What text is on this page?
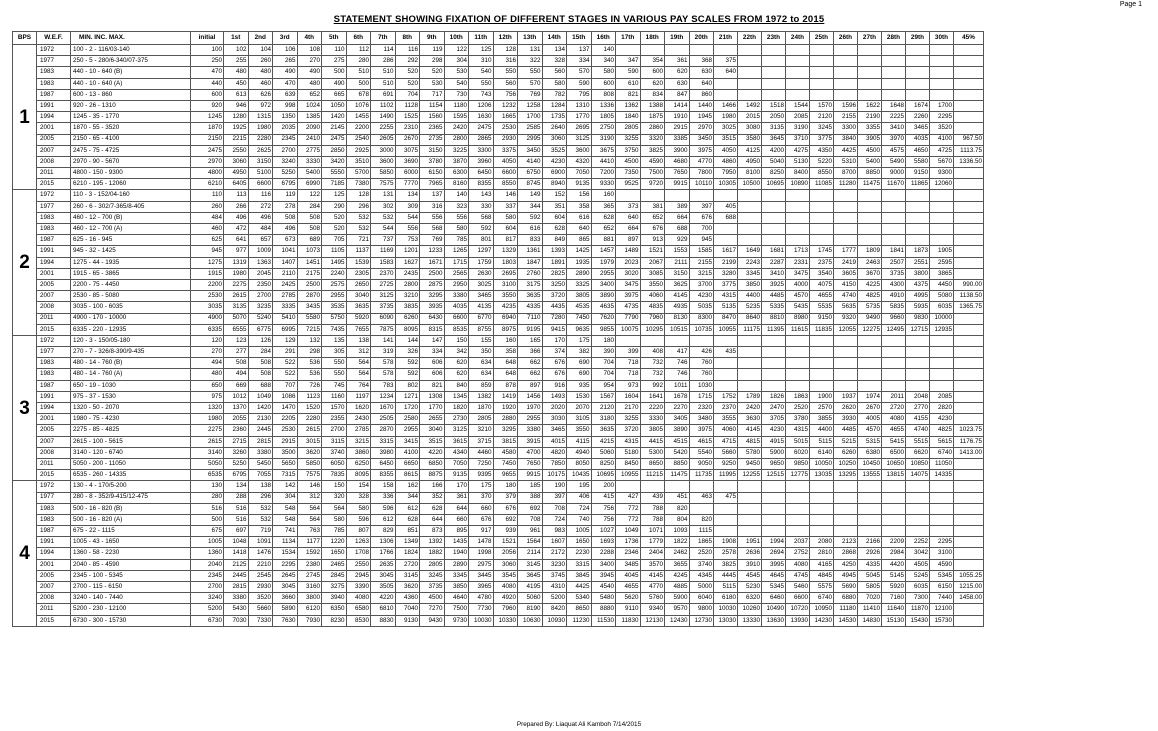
Page 1
STATEMENT SHOWING FIXATION OF DIFFERENT STAGES IN VARIOUS PAY SCALES FROM 1972 to 2015
BPS	W.E.F.	MIN. INC. MAX.	initial	1st	2nd	3rd	4th	5th	6th	7th	8th	9th	10th	11th	12th	13th	14th	15th	16th	17th	18th	19th	20th	21th	22th	23th	24th	25th	26th	27th	28th	29th	30th	45%
1	1972	100 - 2 - 116/03-140	100	102	104	106	108	110	112	114	116	119	122	125	128	131	134	137	140															
	1977	250 - 5 - 280/6-340/07-375	250	255	260	265	270	275	280	286	292	298	304	310	316	322	328	334	340	347	354	361	368	375										
	1983	440 - 10 - 640 (B)	470	480	480	490	490	500	510	510	520	520	530	540	550	550	560	570	580	590	600	620	630	640										
	1983	440 - 10 - 640 (A)	440	450	460	470	480	490	500	510	520	530	540	550	560	570	580	590	600	610	620	630	640											
	1987	600 - 13 - 860	600	613	626	639	652	665	678	691	704	717	730	743	756	769	782	795	808	821	834	847	860											
	1991	920 - 26 - 1310	920	946	972	998	1024	1050	1076	1102	1128	1154	1180	1206	1232	1258	1284	1310	1336	1362	1388	1414	1440	1466	1492	1518	1544	1570	1596	1622	1648	1674	1700	
	1994	1245 - 35 - 1770	1245	1280	1315	1350	1385	1420	1455	1490	1525	1560	1595	1630	1665	1700	1735	1770	1805	1840	1875	1910	1945	1980	2015	2050	2085	2120	2155	2190	2225	2260	2295	
	2001	1870 - 55 - 3520	1870	1925	1980	2035	2090	2145	2200	2255	2310	2365	2420	2475	2530	2585	2640	2695	2750	2805	2860	2915	2970	3025	3080	3135	3190	3245	3300	3355	3410	3465	3520	
	2005	2150 - 65 - 4100	2150	2215	2280	2345	2410	2475	2540	2605	2670	2735	2800	2865	2930	2995	3060	3125	3190	3255	3320	3385	3450	3515	3580	3645	3710	3775	3840	3905	3970	4035	4100	967.50
	2007	2475 - 75 - 4725	2475	2550	2625	2700	2775	2850	2925	3000	3075	3150	3225	3300	3375	3450	3525	3600	3675	3750	3825	3900	3975	4050	4125	4200	4275	4350	4425	4500	4575	4650	4725	1113.75
	2008	2970 - 90 - 5670	2970	3060	3150	3240	3330	3420	3510	3600	3690	3780	3870	3960	4050	4140	4230	4320	4410	4500	4590	4680	4770	4860	4950	5040	5130	5220	5310	5400	5490	5580	5670	1336.50
	2011	4800 - 150 - 9300	4800	4950	5100	5250	5400	5550	5700	5850	6000	6150	6300	6450	6600	6750	6900	7050	7200	7350	7500	7650	7800	7950	8100	8250	8400	8550	8700	8850	9000	9150	9300	
	2015	6210 - 195 - 12060	6210	6405	6600	6795	6990	7185	7380	7575	7770	7965	8160	8355	8550	8745	8940	9135	9330	9525	9720	9915	10110	10305	10500	10695	10890	11085	11280	11475	11670	11865	12060	
2	1972	110 - 3 - 152/04-160	110	113	116	119	122	125	128	131	134	137	140	143	146	149	152	156	160															
	1977	260 - 6 - 302/7-365/8-405	260	266	272	278	284	290	296	302	309	316	323	330	337	344	351	358	365	373	381	389	397	405										
	1983	460 - 12 - 700 (B)	484	496	496	508	508	520	532	532	544	556	556	568	580	592	604	616	628	640	652	664	676	688										
	1983	460 - 12 - 700 (A)	460	472	484	496	508	520	532	544	556	568	580	592	604	616	628	640	652	664	676	688	700											
	1987	625 - 16 - 945	625	641	657	673	689	705	721	737	753	769	785	801	817	833	849	865	881	897	913	929	945											
	1991	945 - 32 - 1425	945	977	1009	1041	1073	1105	1137	1169	1201	1233	1265	1297	1329	1361	1393	1425	1457	1489	1521	1553	1585	1617	1649	1681	1713	1745	1777	1809	1841	1873	1905	
	1994	1275 - 44 - 1935	1275	1319	1363	1407	1451	1495	1539	1583	1627	1671	1715	1759	1803	1847	1891	1935	1979	2023	2067	2111	2155	2199	2243	2287	2331	2375	2419	2463	2507	2551	2595	
	2001	1915 - 65 - 3865	1915	1980	2045	2110	2175	2240	2305	2370	2435	2500	2565	2630	2695	2760	2825	2890	2955	3020	3085	3150	3215	3280	3345	3410	3475	3540	3605	3670	3735	3800	3865	
	2005	2200 - 75 - 4450	2200	2275	2350	2425	2500	2575	2650	2725	2800	2875	2950	3025	3100	3175	3250	3325	3400	3475	3550	3625	3700	3775	3850	3925	4000	4075	4150	4225	4300	4375	4450	990.00
	2007	2530 - 85 - 5080	2530	2615	2700	2785	2870	2955	3040	3125	3210	3295	3380	3465	3550	3635	3720	3805	3890	3975	4060	4145	4230	4315	4400	4485	4570	4655	4740	4825	4910	4995	5080	1138.50
	2008	3035 - 100 - 6035	3035	3135	3235	3335	3435	3535	3635	3735	3835	3935	4035	4135	4235	4335	4435	4535	4635	4735	4835	4935	5035	5135	5235	5335	5435	5535	5635	5735	5835	5935	6035	1365.75
	2011	4900 - 170 - 10000	4900	5070	5240	5410	5580	5750	5920	6090	6260	6430	6600	6770	6940	7110	7280	7450	7620	7790	7960	8130	8300	8470	8640	8810	8980	9150	9320	9490	9660	9830	10000	
	2015	6335 - 220 - 12935	6335	6555	6775	6995	7215	7435	7655	7875	8095	8315	8535	8755	8975	9195	9415	9635	9855	10075	10295	10515	10735	10955	11175	11395	11615	11835	12055	12275	12495	12715	12935	
3	1972	120 - 3 - 150/05-180	120	123	126	129	132	135	138	141	144	147	150	155	160	165	170	175	180															
	1977	270 - 7 - 326/8-390/9-435	270	277	284	291	298	305	312	319	326	334	342	350	358	366	374	382	390	399	408	417	426	435										
	1983	480 - 14 - 760 (B)	494	508	508	522	536	550	564	578	592	606	620	634	648	662	676	690	704	718	732	746	760											
	1983	480 - 14 - 760 (A)	480	494	508	522	536	550	564	578	592	606	620	634	648	662	676	690	704	718	732	746	760											
	1987	650 - 19 - 1030	650	669	688	707	726	745	764	783	802	821	840	859	878	897	916	935	954	973	992	1011	1030											
	1991	975 - 37 - 1530	975	1012	1049	1086	1123	1160	1197	1234	1271	1308	1345	1382	1419	1456	1493	1530	1567	1604	1641	1678	1715	1752	1789	1826	1863	1900	1937	1974	2011	2048	2085	
	1994	1320 - 50 - 2070	1320	1370	1420	1470	1520	1570	1620	1670	1720	1770	1820	1870	1920	1970	2020	2070	2120	2170	2220	2270	2320	2370	2420	2470	2520	2570	2620	2670	2720	2770	2820	
	2001	1980 - 75 - 4230	1980	2055	2130	2205	2280	2355	2430	2505	2580	2655	2730	2805	2880	2955	3030	3105	3180	3255	3330	3405	3480	3555	3630	3705	3780	3855	3930	4005	4080	4155	4230	
	2005	2275 - 85 - 4825	2275	2360	2445	2530	2615	2700	2785	2870	2955	3040	3125	3210	3295	3380	3465	3550	3635	3720	3805	3890	3975	4060	4145	4230	4315	4400	4485	4570	4655	4740	4825	1023.75
	2007	2615 - 100 - 5615	2615	2715	2815	2915	3015	3115	3215	3315	3415	3515	3615	3715	3815	3915	4015	4115	4215	4315	4415	4515	4615	4715	4815	4915	5015	5115	5215	5315	5415	5515	5615	1176.75
	2008	3140 - 120 - 6740	3140	3260	3380	3500	3620	3740	3860	3980	4100	4220	4340	4460	4580	4700	4820	4940	5060	5180	5300	5420	5540	5660	5780	5900	6020	6140	6260	6380	6500	6620	6740	1413.00
	2011	5050 - 200 - 11050	5050	5250	5450	5650	5850	6050	6250	6450	6650	6850	7050	7250	7450	7650	7850	8050	8250	8450	8650	8850	9050	9250	9450	9650	9850	10050	10250	10450	10650	10850	11050	
	2015	6535 - 260 - 14335	6535	6795	7055	7315	7575	7835	8095	8355	8615	8875	9135	9395	9655	9915	10175	10435	10695	10955	11215	11475	11735	11995	12255	12515	12775	13035	13295	13555	13815	14075	14335	
4	1972	130 - 4 - 170/5-200	130	134	138	142	146	150	154	158	162	166	170	175	180	185	190	195	200															
	1977	280 - 8 - 352/9-415/12-475	280	288	296	304	312	320	328	336	344	352	361	370	379	388	397	406	415	427	439	451	463	475										
	1983	500 - 16 - 820 (B)	516	516	532	548	564	564	580	596	612	628	644	660	676	692	708	724	756	772	788	820												
	1983	500 - 16 - 820 (A)	500	516	532	548	564	580	596	612	628	644	660	676	692	708	724	740	756	772	788	804	820											
	1987	675 - 22 - 1115	675	697	719	741	763	785	807	829	851	873	895	917	939	961	983	1005	1027	1049	1071	1093	1115											
	1991	1005 - 43 - 1650	1005	1048	1091	1134	1177	1220	1263	1306	1349	1392	1435	1478	1521	1564	1607	1650	1693	1736	1779	1822	1865	1908	1951	1994	2037	2080	2123	2166	2209	2252	2295	
	1994	1360 - 58 - 2230	1360	1418	1476	1534	1592	1650	1708	1766	1824	1882	1940	1998	2056	2114	2172	2230	2288	2346	2404	2462	2520	2578	2636	2694	2752	2810	2868	2926	2984	3042	3100	
	2001	2040 - 85 - 4590	2040	2125	2210	2295	2380	2465	2550	2635	2720	2805	2890	2975	3060	3145	3230	3315	3400	3485	3570	3655	3740	3825	3910	3995	4080	4165	4250	4335	4420	4505	4590	
	2005	2345 - 100 - 5345	2345	2445	2545	2645	2745	2845	2945	3045	3145	3245	3345	3445	3545	3645	3745	3845	3945	4045	4145	4245	4345	4445	4545	4645	4745	4845	4945	5045	5145	5245	5345	1055.25
	2007	2700 - 115 - 6150	2700	2815	2930	3045	3160	3275	3390	3505	3620	3735	3850	3965	4080	4195	4310	4425	4540	4655	4770	4885	5000	5115	5230	5345	5460	5575	5690	5805	5920	6035	6150	1215.00
	2008	3240 - 140 - 7440	3240	3380	3520	3660	3800	3940	4080	4220	4360	4500	4640	4780	4920	5060	5200	5340	5480	5620	5760	5900	6040	6180	6320	6460	6600	6740	6880	7020	7160	7300	7440	1458.00
	2011	5200 - 230 - 12100	5200	5430	5660	5890	6120	6350	6580	6810	7040	7270	7500	7730	7960	8190	8420	8650	8880	9110	9340	9570	9800	10030	10260	10490	10720	10950	11180	11410	11640	11870	12100	
	2015	6730 - 300 - 15730	6730	7030	7330	7630	7930	8230	8530	8830	9130	9430	9730	10030	10330	10630	10930	11230	11530	11830	12130	12430	12730	13030	13330	13630	13930	14230	14530	14830	15130	15430	15730	
Prepared By: Liaquat Ali Kamboh 7/14/2015
